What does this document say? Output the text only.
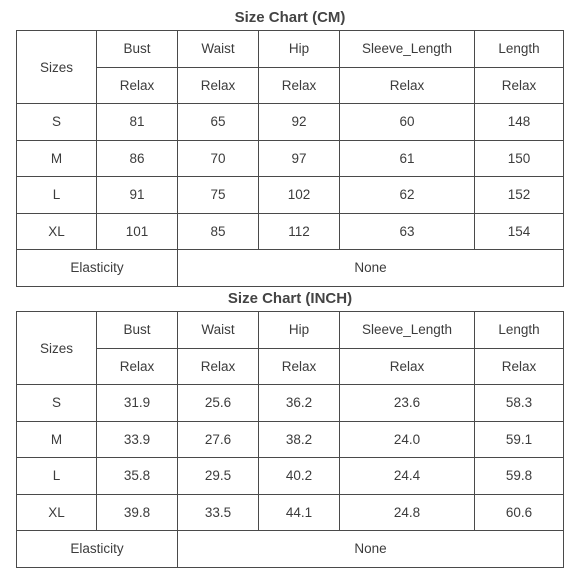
Size Chart (CM)
Sizes	Bust	Waist	Hip	Sleeve_Length	Length
	Relax	Relax	Relax	Relax	Relax
S	81	65	92	60	148
M	86	70	97	61	150
L	91	75	102	62	152
XL	101	85	112	63	154
Elasticity		None			
Size Chart (INCH)
Sizes	Bust	Waist	Hip	Sleeve_Length	Length
	Relax	Relax	Relax	Relax	Relax
S	31.9	25.6	36.2	23.6	58.3
M	33.9	27.6	38.2	24.0	59.1
L	35.8	29.5	40.2	24.4	59.8
XL	39.8	33.5	44.1	24.8	60.6
Elasticity		None			
